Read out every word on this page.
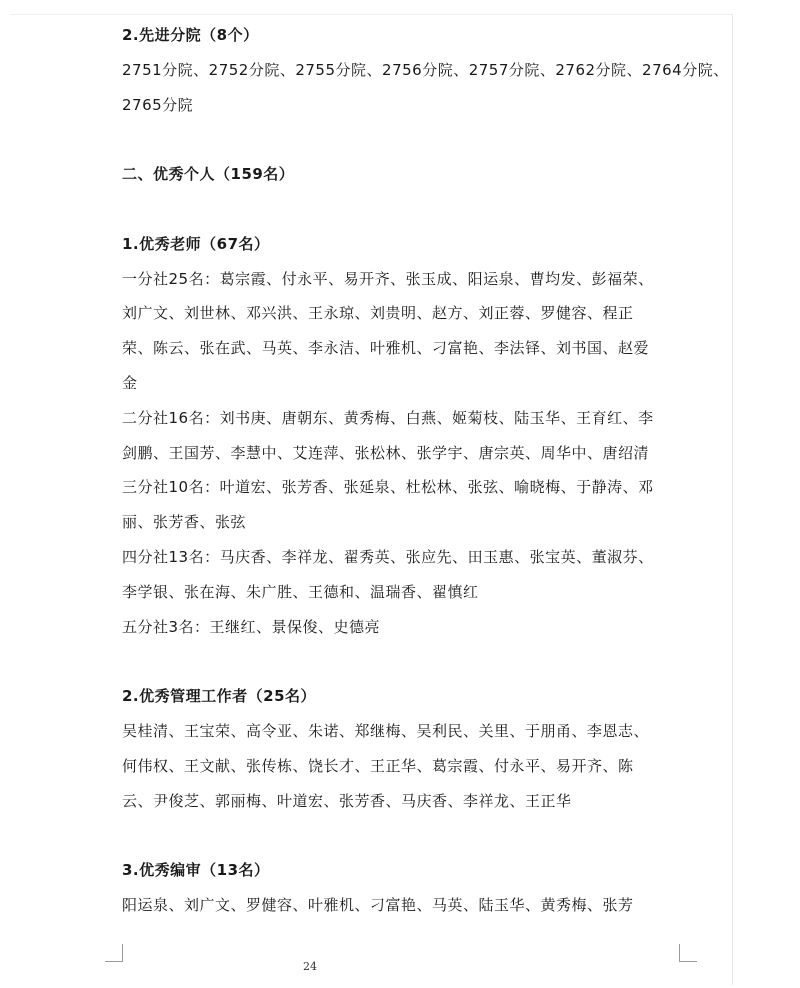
2.先进分院（8个）
2751分院、2752分院、2755分院、2756分院、2757分院、2762分院、2764分院、
2765分院
二、优秀个人（159名）
1.优秀老师（67名）
一分社25名：葛宗霞、付永平、易开齐、张玉成、阳运泉、曹均发、彭福荣、
刘广文、刘世林、邓兴洪、王永琼、刘贵明、赵方、刘正蓉、罗健容、程正
荣、陈云、张在武、马英、李永洁、叶雅机、刁富艳、李法铎、刘书国、赵爱
金
二分社16名：刘书庚、唐朝东、黄秀梅、白燕、姬菊枝、陆玉华、王育红、李
剑鹏、王国芳、李慧中、艾连萍、张松林、张学宇、唐宗英、周华中、唐绍清
三分社10名：叶道宏、张芳香、张延泉、杜松林、张弦、喻晓梅、于静涛、邓
丽、张芳香、张弦
四分社13名：马庆香、李祥龙、翟秀英、张应先、田玉惠、张宝英、董淑芬、
李学银、张在海、朱广胜、王德和、温瑞香、翟慎红
五分社3名：王继红、景保俊、史德亮
2.优秀管理工作者（25名）
吴桂清、王宝荣、高令亚、朱诺、郑继梅、吴利民、关里、于朋甬、李恩志、
何伟权、王文献、张传栋、饶长才、王正华、葛宗霞、付永平、易开齐、陈
云、尹俊芝、郭丽梅、叶道宏、张芳香、马庆香、李祥龙、王正华
3.优秀编审（13名）
阳运泉、刘广文、罗健容、叶雅机、刁富艳、马英、陆玉华、黄秀梅、张芳
24
